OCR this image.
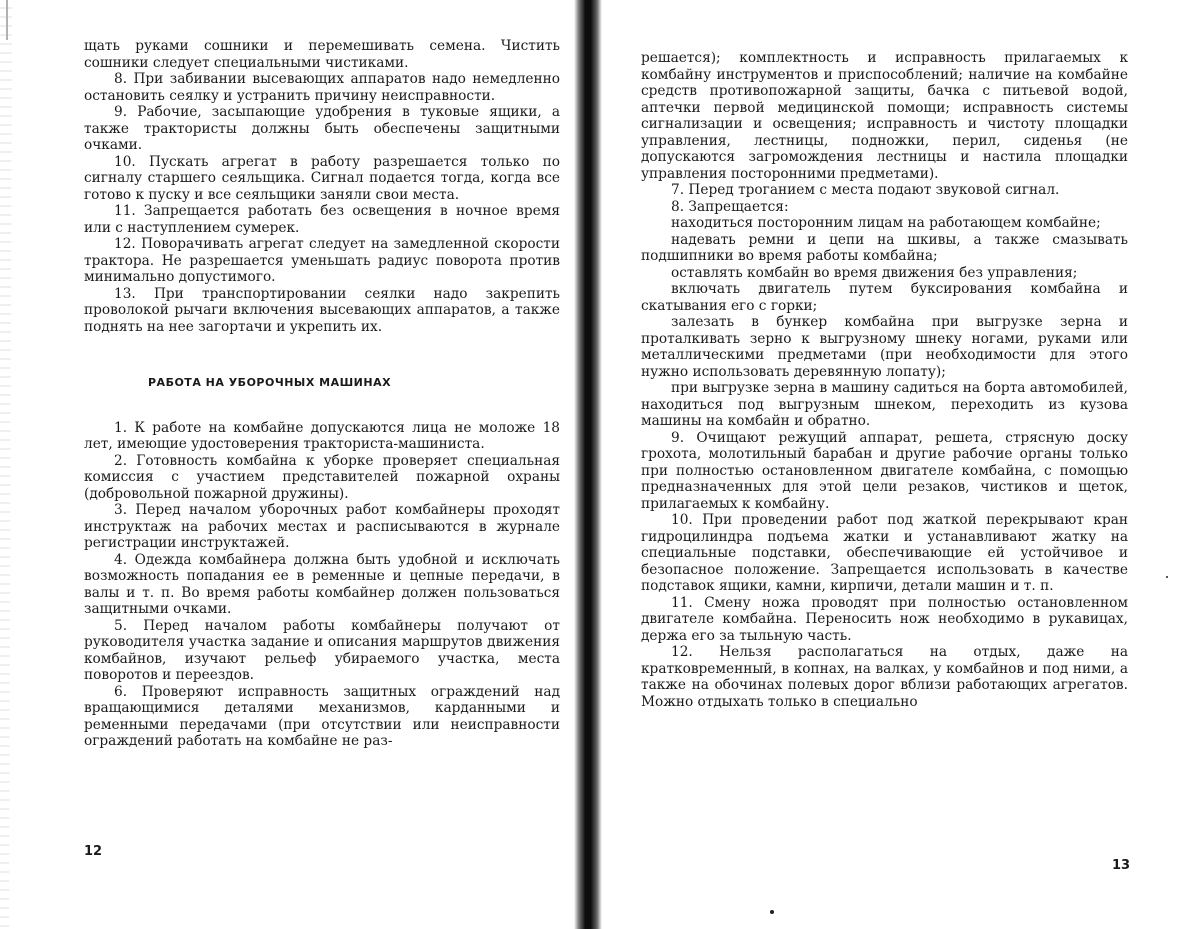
щать руками сошники и перемешивать семена. Чистить сошники следует специальными чистиками.

8. При забивании высевающих аппаратов надо немедленно остановить сеялку и устранить причину неисправности.

9. Рабочие, засыпающие удобрения в туковые ящики, а также трактористы должны быть обеспечены защитными очками.

10. Пускать агрегат в работу разрешается только по сигналу старшего сеяльщика. Сигнал подается тогда, когда все готово к пуску и все сеяльщики заняли свои места.

11. Запрещается работать без освещения в ночное время или с наступлением сумерек.

12. Поворачивать агрегат следует на замедленной скорости трактора. Не разрешается уменьшать радиус поворота против минимально допустимого.

13. При транспортировании сеялки надо закрепить проволокой рычаги включения высевающих аппаратов, а также поднять на нее загортачи и укрепить их.

РАБОТА НА УБОРОЧНЫХ МАШИНАХ

1. К работе на комбайне допускаются лица не моложе 18 лет, имеющие удостоверения тракториста-машиниста.

2. Готовность комбайна к уборке проверяет специальная комиссия с участием представителей пожарной охраны (добровольной пожарной дружины).

3. Перед началом уборочных работ комбайнеры проходят инструктаж на рабочих местах и расписываются в журнале регистрации инструктажей.

4. Одежда комбайнера должна быть удобной и исключать возможность попадания ее в ременные и цепные передачи, в валы и т. п. Во время работы комбайнер должен пользоваться защитными очками.

5. Перед началом работы комбайнеры получают от руководителя участка задание и описания маршрутов движения комбайнов, изучают рельеф убираемого участка, места поворотов и переездов.

6. Проверяют исправность защитных ограждений над вращающимися деталями механизмов, карданными и ременными передачами (при отсутствии или неисправности ограждений работать на комбайне не раз-

12

решается); комплектность и исправность прилагаемых к комбайну инструментов и приспособлений; наличие на комбайне средств противопожарной защиты, бачка с питьевой водой, аптечки первой медицинской помощи; исправность системы сигнализации и освещения; исправность и чистоту площадки управления, лестницы, подножки, перил, сиденья (не допускаются загромождения лестницы и настила площадки управления посторонними предметами).

7. Перед троганием с места подают звуковой сигнал.

8. Запрещается:

находиться посторонним лицам на работающем комбайне;

надевать ремни и цепи на шкивы, а также смазывать подшипники во время работы комбайна;

оставлять комбайн во время движения без управления;

включать двигатель путем буксирования комбайна и скатывания его с горки;

залезать в бункер комбайна при выгрузке зерна и проталкивать зерно к выгрузному шнеку ногами, руками или металлическими предметами (при необходимости для этого нужно использовать деревянную лопату);

при выгрузке зерна в машину садиться на борта автомобилей, находиться под выгрузным шнеком, переходить из кузова машины на комбайн и обратно.

9. Очищают режущий аппарат, решета, стрясную доску грохота, молотильный барабан и другие рабочие органы только при полностью остановленном двигателе комбайна, с помощью предназначенных для этой цели резаков, чистиков и щеток, прилагаемых к комбайну.

10. При проведении работ под жаткой перекрывают кран гидроцилиндра подъема жатки и устанавливают жатку на специальные подставки, обеспечивающие ей устойчивое и безопасное положение. Запрещается использовать в качестве подставок ящики, камни, кирпичи, детали машин и т. п.

11. Смену ножа проводят при полностью остановленном двигателе комбайна. Переносить нож необходимо в рукавицах, держа его за тыльную часть.

12. Нельзя располагаться на отдых, даже на кратковременный, в копнах, на валках, у комбайнов и под ними, а также на обочинах полевых дорог вблизи работающих агрегатов. Можно отдыхать только в специально

13
